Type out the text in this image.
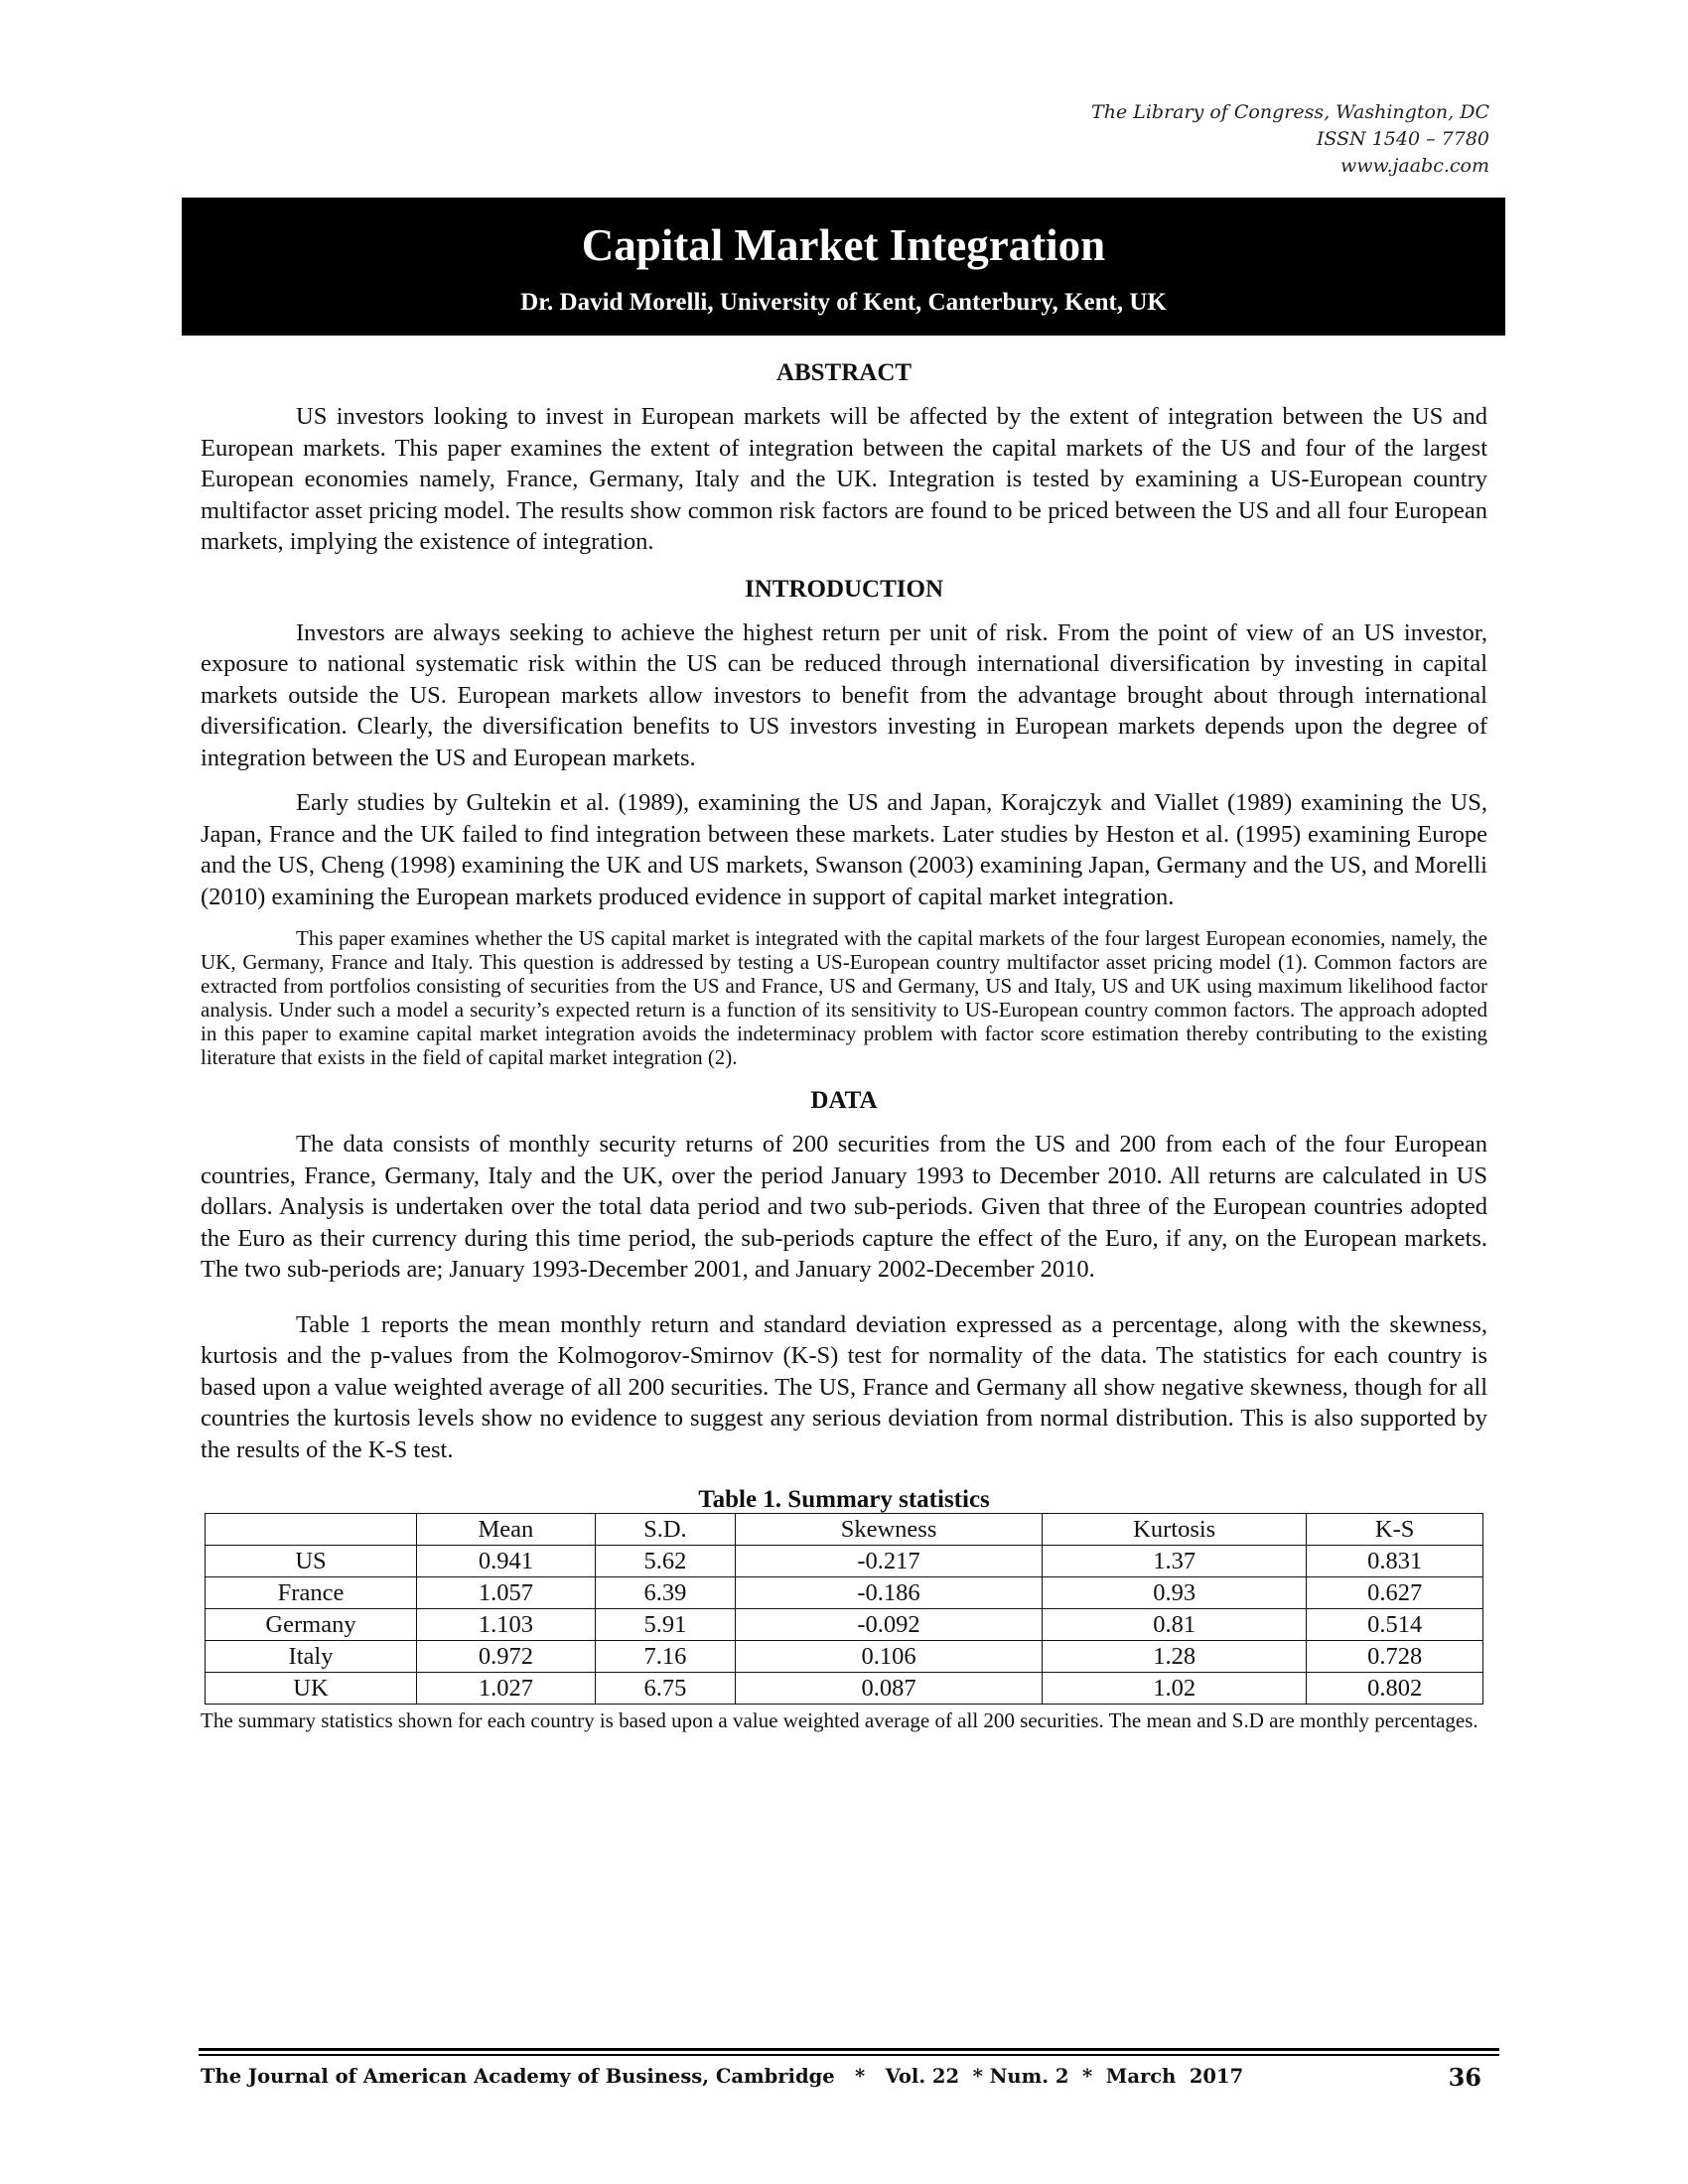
The Library of Congress, Washington, DC
ISSN 1540 – 7780
www.jaabc.com
Capital Market Integration
Dr. David Morelli, University of Kent, Canterbury, Kent, UK
ABSTRACT

US investors looking to invest in European markets will be affected by the extent of integration between the US and European markets. This paper examines the extent of integration between the capital markets of the US and four of the largest European economies namely, France, Germany, Italy and the UK. Integration is tested by examining a US-European country multifactor asset pricing model. The results show common risk factors are found to be priced between the US and all four European markets, implying the existence of integration.

INTRODUCTION

Investors are always seeking to achieve the highest return per unit of risk. From the point of view of an US investor, exposure to national systematic risk within the US can be reduced through international diversification by investing in capital markets outside the US. European markets allow investors to benefit from the advantage brought about through international diversification. Clearly, the diversification benefits to US investors investing in European markets depends upon the degree of integration between the US and European markets.

Early studies by Gultekin et al. (1989), examining the US and Japan, Korajczyk and Viallet (1989) examining the US, Japan, France and the UK failed to find integration between these markets. Later studies by Heston et al. (1995) examining Europe and the US, Cheng (1998) examining the UK and US markets, Swanson (2003) examining Japan, Germany and the US, and Morelli (2010) examining the European markets produced evidence in support of capital market integration.

This paper examines whether the US capital market is integrated with the capital markets of the four largest European economies, namely, the UK, Germany, France and Italy. This question is addressed by testing a US-European country multifactor asset pricing model (1). Common factors are extracted from portfolios consisting of securities from the US and France, US and Germany, US and Italy, US and UK using maximum likelihood factor analysis. Under such a model a security’s expected return is a function of its sensitivity to US-European country common factors. The approach adopted in this paper to examine capital market integration avoids the indeterminacy problem with factor score estimation thereby contributing to the existing literature that exists in the field of capital market integration (2).

DATA

The data consists of monthly security returns of 200 securities from the US and 200 from each of the four European countries, France, Germany, Italy and the UK, over the period January 1993 to December 2010. All returns are calculated in US dollars. Analysis is undertaken over the total data period and two sub-periods. Given that three of the European countries adopted the Euro as their currency during this time period, the sub-periods capture the effect of the Euro, if any, on the European markets. The two sub-periods are; January 1993-December 2001, and January 2002-December 2010.

Table 1 reports the mean monthly return and standard deviation expressed as a percentage, along with the skewness, kurtosis and the p-values from the Kolmogorov-Smirnov (K-S) test for normality of the data. The statistics for each country is based upon a value weighted average of all 200 securities. The US, France and Germany all show negative skewness, though for all countries the kurtosis levels show no evidence to suggest any serious deviation from normal distribution. This is also supported by the results of the K-S test.

Table 1. Summary statistics
	Mean	S.D.	Skewness	Kurtosis	K-S
US	0.941	5.62	-0.217	1.37	0.831
France	1.057	6.39	-0.186	0.93	0.627
Germany	1.103	5.91	-0.092	0.81	0.514
Italy	0.972	7.16	0.106	1.28	0.728
UK	1.027	6.75	0.087	1.02	0.802
The summary statistics shown for each country is based upon a value weighted average of all 200 securities. The mean and S.D are monthly percentages.
The Journal of American Academy of Business, Cambridge   *   Vol. 22  * Num. 2  *  March  2017	36
